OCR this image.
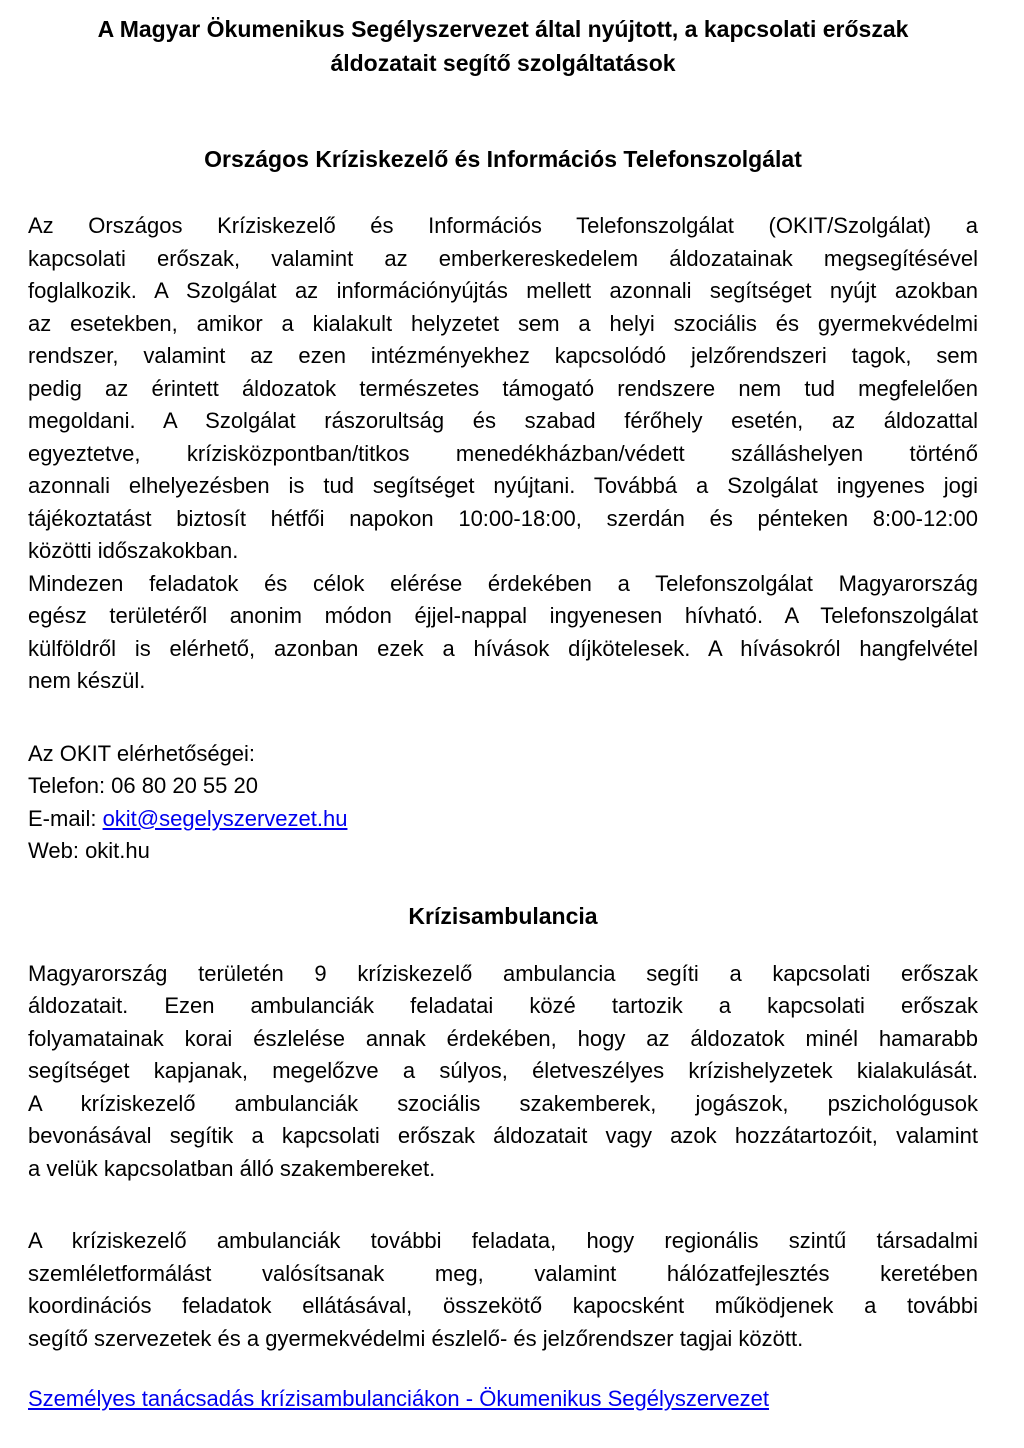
A Magyar Ökumenikus Segélyszervezet által nyújtott, a kapcsolati erőszak
áldozatait segítő szolgáltatások
Országos Kríziskezelő és Információs Telefonszolgálat

Az Országos Kríziskezelő és Információs Telefonszolgálat (OKIT/Szolgálat) a
kapcsolati erőszak, valamint az emberkereskedelem áldozatainak megsegítésével
foglalkozik. A Szolgálat az információnyújtás mellett azonnali segítséget nyújt azokban
az esetekben, amikor a kialakult helyzetet sem a helyi szociális és gyermekvédelmi
rendszer, valamint az ezen intézményekhez kapcsolódó jelzőrendszeri tagok, sem
pedig az érintett áldozatok természetes támogató rendszere nem tud megfelelően
megoldani. A Szolgálat rászorultság és szabad férőhely esetén, az áldozattal
egyeztetve, krízisközpontban/titkos menedékházban/védett szálláshelyen történő
azonnali elhelyezésben is tud segítséget nyújtani. Továbbá a Szolgálat ingyenes jogi
tájékoztatást biztosít hétfői napokon 10:00-18:00, szerdán és pénteken 8:00-12:00
közötti időszakokban.

Mindezen feladatok és célok elérése érdekében a Telefonszolgálat Magyarország
egész területéről anonim módon éjjel-nappal ingyenesen hívható. A Telefonszolgálat
külföldről is elérhető, azonban ezek a hívások díjkötelesek. A hívásokról hangfelvétel
nem készül.

Az OKIT elérhetőségei:

Telefon: 06 80 20 55 20

E-mail: okit@segelyszervezet.hu

Web: okit.hu

Krízisambulancia

Magyarország területén 9 kríziskezelő ambulancia segíti a kapcsolati erőszak
áldozatait. Ezen ambulanciák feladatai közé tartozik a kapcsolati erőszak
folyamatainak korai észlelése annak érdekében, hogy az áldozatok minél hamarabb
segítséget kapjanak, megelőzve a súlyos, életveszélyes krízishelyzetek kialakulását.
A kríziskezelő ambulanciák szociális szakemberek, jogászok, pszichológusok
bevonásával segítik a kapcsolati erőszak áldozatait vagy azok hozzátartozóit, valamint
a velük kapcsolatban álló szakembereket.

A kríziskezelő ambulanciák további feladata, hogy regionális szintű társadalmi
szemléletformálást valósítsanak meg, valamint hálózatfejlesztés keretében
koordinációs feladatok ellátásával, összekötő kapocsként működjenek a további
segítő szervezetek és a gyermekvédelmi észlelő- és jelzőrendszer tagjai között.

Személyes tanácsadás krízisambulanciákon - Ökumenikus Segélyszervezet
